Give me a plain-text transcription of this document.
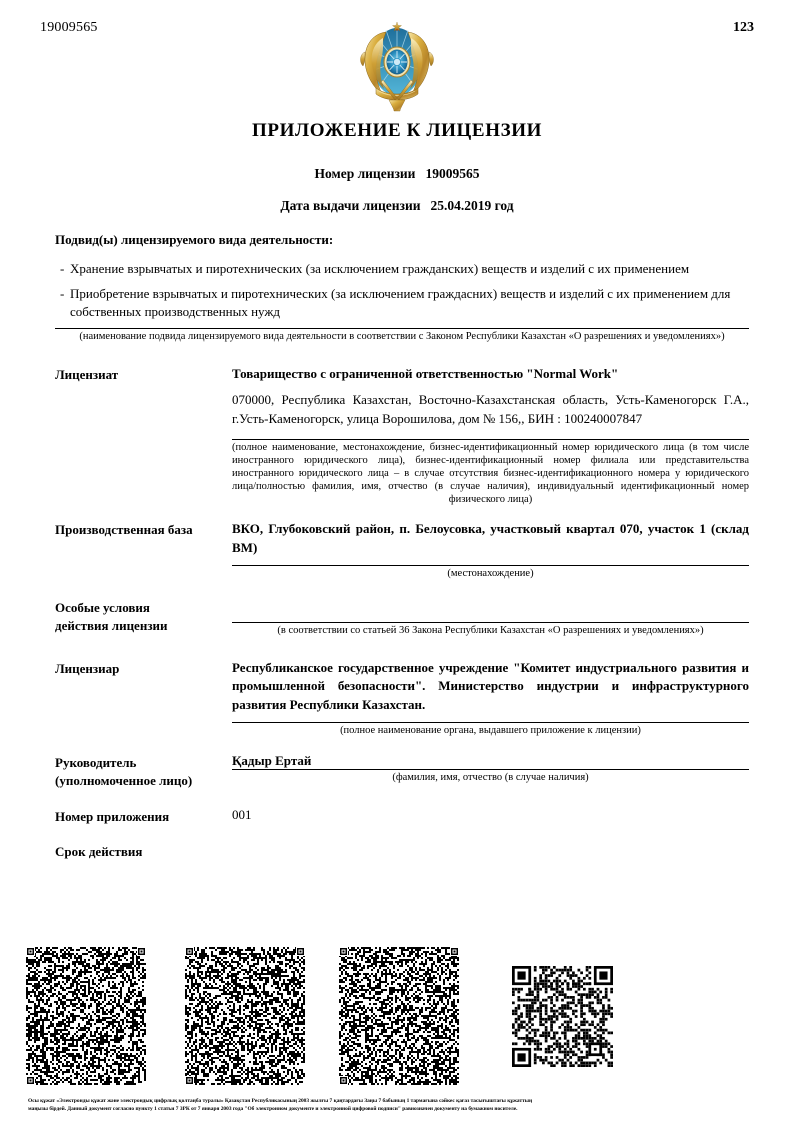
19009565	123
ПРИЛОЖЕНИЕ К ЛИЦЕНЗИИ
Номер лицензии 19009565
Дата выдачи лицензии 25.04.2019 год

Подвид(ы) лицензируемого вида деятельности:

- Хранение взрывчатых и пиротехнических (за исключением гражданских) веществ и изделий с их применением
- Приобретение взрывчатых и пиротехнических (за исключением граждасних) веществ и изделий с их применением для собственных производственных нужд

(наименование подвида лицензируемого вида деятельности в соответствии с Законом Республики Казахстан «О разрешениях и уведомлениях»)

Лицензиат	Товарищество с ограниченной ответственностью "Normal Work"

070000, Республика Казахстан, Восточно-Казахстанская область, Усть-Каменогорск Г.А., г.Усть-Каменогорск, улица Ворошилова, дом № 156,, БИН : 100240007847

(полное наименование, местонахождение, бизнес-идентификационный номер юридического лица (в том числе иностранного юридического лица), бизнес-идентификационный номер филиала или представительства иностранного юридического лица – в случае отсутствия бизнес-идентификационного номера у юридического лица/полностью фамилия, имя, отчество (в случае наличия), индивидуальный идентификационный номер физического лица)

Производственная база	ВКО, Глубоковский район, п. Белоусовка, участковый квартал 070, участок 1 (склад ВМ)

(местонахождение)

Особые условия
действия лицензии

	(в соответствии со статьей 36 Закона Республики Казахстан «О разрешениях и уведомлениях»)

Лицензиар	Республиканское государственное учреждение "Комитет индустриального развития и промышленной безопасности". Министерство индустрии и инфраструктурного развития Республики Казахстан.

(полное наименование органа, выдавшего приложение к лицензии)

Руководитель
(уполномоченное лицо)

Қадыр Ертай

(фамилия, имя, отчество (в случае наличия)

Номер приложения	001

Срок действия

Осы құжат «Электронды құжат және электрондық цифрлық қолтаңба туралы» Қазақстан Республикасының 2003 жылғы 7 қаңтардағы Заңы 7 бабының 1 тармағына сәйкес қағаз тасығыштағы құжаттың

маңызы бірдей. Данный документ согласно пункту 1 статьи 7 ЗРК от 7 января 2003 года "Об электронном документе и электронной цифровой подписи" равнозначен документу на бумажном носителе.
